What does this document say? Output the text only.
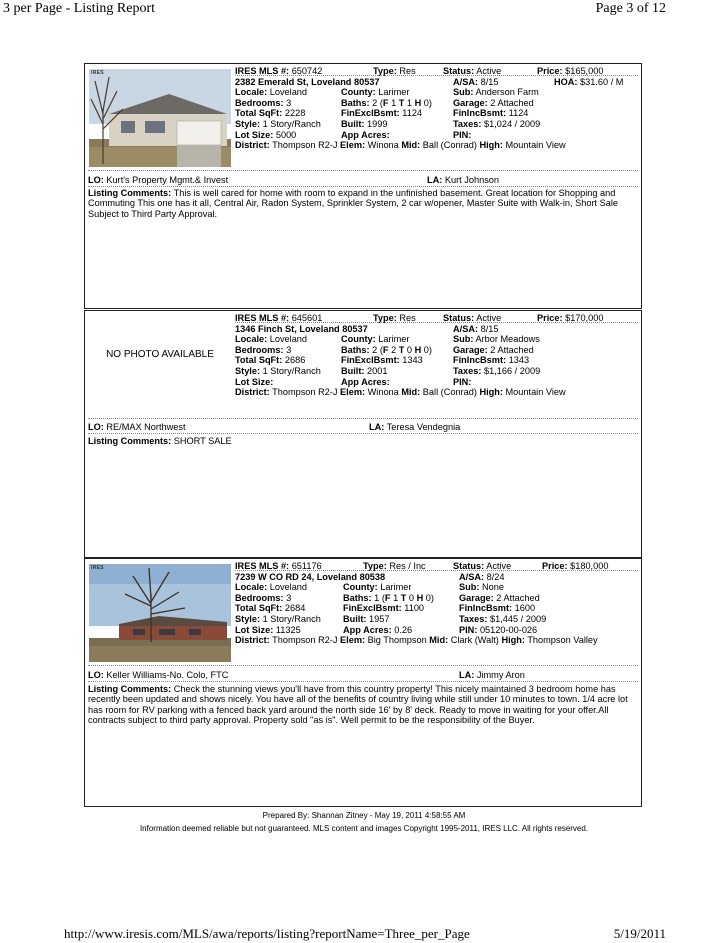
3 per Page - Listing Report	Page 3 of 12
IRES	IRES MLS #: 650742	Type: Res	Status: Active	Price: $165,000
2382 Emerald St, Loveland 80537	A/SA: 8/15	HOA: $31.60 / M
Locale: Loveland	County: Larimer	Sub: Anderson Farm
Bedrooms: 3	Baths: 2 (F 1 T 1 H 0) Garage: 2 Attached
Total SqFt: 2228	FinExclBsmt: 1124	FinIncBsmt: 1124
Style: 1 Story/Ranch Built: 1999	Taxes: $1,024 / 2009
Lot Size: 5000	App Acres:	PIN:
District: Thompson R2-J Elem: Winona Mid: Ball (Conrad) High: Mountain View
LO: Kurt's Property Mgmt.& Invest	LA: Kurt Johnson
Listing Comments: This is well cared for home with room to expand in the unfinished basement. Great location for Shopping and Commuting This one has it all, Central Air, Radon System, Sprinkler System, 2 car w/opener, Master Suite with Walk-in, Short Sale Subject to Third Party Approval.
NO PHOTO AVAILABLE
IRES MLS #: 645601	Type: Res	Status: Active	Price: $170,000
1346 Finch St, Loveland 80537	A/SA: 8/15
Locale: Loveland	County: Larimer	Sub: Arbor Meadows
Bedrooms: 3	Baths: 2 (F 2 T 0 H 0) Garage: 2 Attached
Total SqFt: 2686	FinExclBsmt: 1343	FinIncBsmt: 1343
Style: 1 Story/Ranch Built: 2001	Taxes: $1,166 / 2009
Lot Size:	App Acres:	PIN:
District: Thompson R2-J Elem: Winona Mid: Ball (Conrad) High: Mountain View
LO: RE/MAX Northwest	LA: Teresa Vendegnia
Listing Comments: SHORT SALE
IRES	IRES MLS #: 651176	Type: Res / Inc	Status: Active	Price: $180,000
7239 W CO RD 24, Loveland 80538	A/SA: 8/24
Locale: Loveland	County: Larimer	Sub: None
Bedrooms: 3	Baths: 1 (F 1 T 0 H 0)	Garage: 2 Attached
Total SqFt: 2684	FinExclBsmt: 1100	FinIncBsmt: 1600
Style: 1 Story/Ranch Built: 1957	Taxes: $1,445 / 2009
Lot Size: 11325	App Acres: 0.26	PIN: 05120-00-026
District: Thompson R2-J Elem: Big Thompson Mid: Clark (Walt) High: Thompson Valley
LO: Keller Williams-No. Colo, FTC	LA: Jimmy Aron
Listing Comments: Check the stunning views you'll have from this country property! This nicely maintained 3 bedroom home has recently been updated and shows nicely. You have all of the benefits of country living while still under 10 minutes to town. 1/4 acre lot has room for RV parking with a fenced back yard around the north side 16' by 8' deck. Ready to move in waiting for your offer.All contracts subject to third party approval. Property sold "as is". Well permit to be the responsibility of the Buyer.
Prepared By: Shannan Zitney - May 19, 2011 4:58:55 AM
Information deemed reliable but not guaranteed. MLS content and images Copyright 1995-2011, IRES LLC. All rights reserved.
http://www.iresis.com/MLS/awa/reports/listing?reportName=Three_per_Page	5/19/2011
